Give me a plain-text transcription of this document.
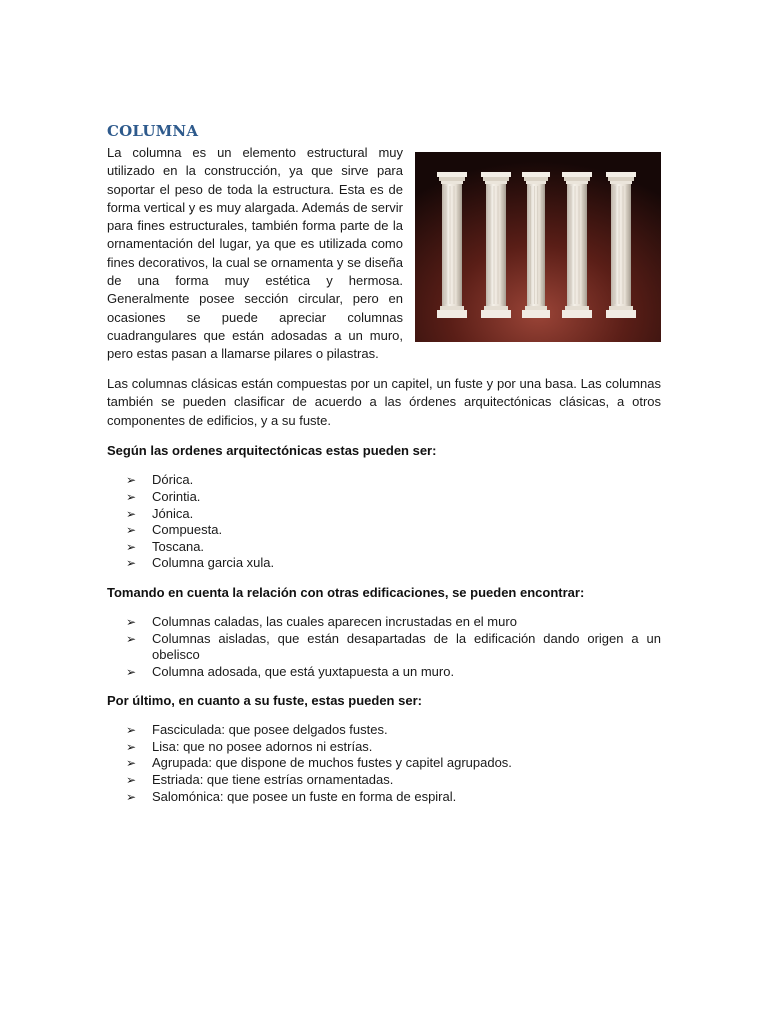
COLUMNA

La columna es un elemento estructural muy utilizado en la construcción, ya que sirve para soportar el peso de toda la estructura. Esta es de forma vertical y es muy alargada. Además de servir para fines estructurales, también forma parte de la ornamentación del lugar, ya que es utilizada como fines decorativos, la cual se ornamenta y se diseña de una forma muy estética y hermosa. Generalmente posee sección circular, pero en ocasiones se puede apreciar columnas cuadrangulares que están adosadas a un muro, pero estas pasan a llamarse pilares o pilastras.

Las columnas clásicas están compuestas por un capitel, un fuste y por una basa. Las columnas también se pueden clasificar de acuerdo a las órdenes arquitectónicas clásicas, a otros componentes de edificios, y a su fuste.

Según las ordenes arquitectónicas estas pueden ser:
➢ Dórica.
➢ Corintia.
➢ Jónica.
➢ Compuesta.
➢ Toscana.
➢ Columna garcia xula.
Tomando en cuenta la relación con otras edificaciones, se pueden encontrar:
➢ Columnas caladas, las cuales aparecen incrustadas en el muro
➢ Columnas aisladas, que están desapartadas de la edificación dando origen a un obelisco
➢ Columna adosada, que está yuxtapuesta a un muro.
Por último, en cuanto a su fuste, estas pueden ser:
➢ Fasciculada: que posee delgados fustes.
➢ Lisa: que no posee adornos ni estrías.
➢ Agrupada: que dispone de muchos fustes y capitel agrupados.
➢ Estriada: que tiene estrías ornamentadas.
➢ Salomónica: que posee un fuste en forma de espiral.
